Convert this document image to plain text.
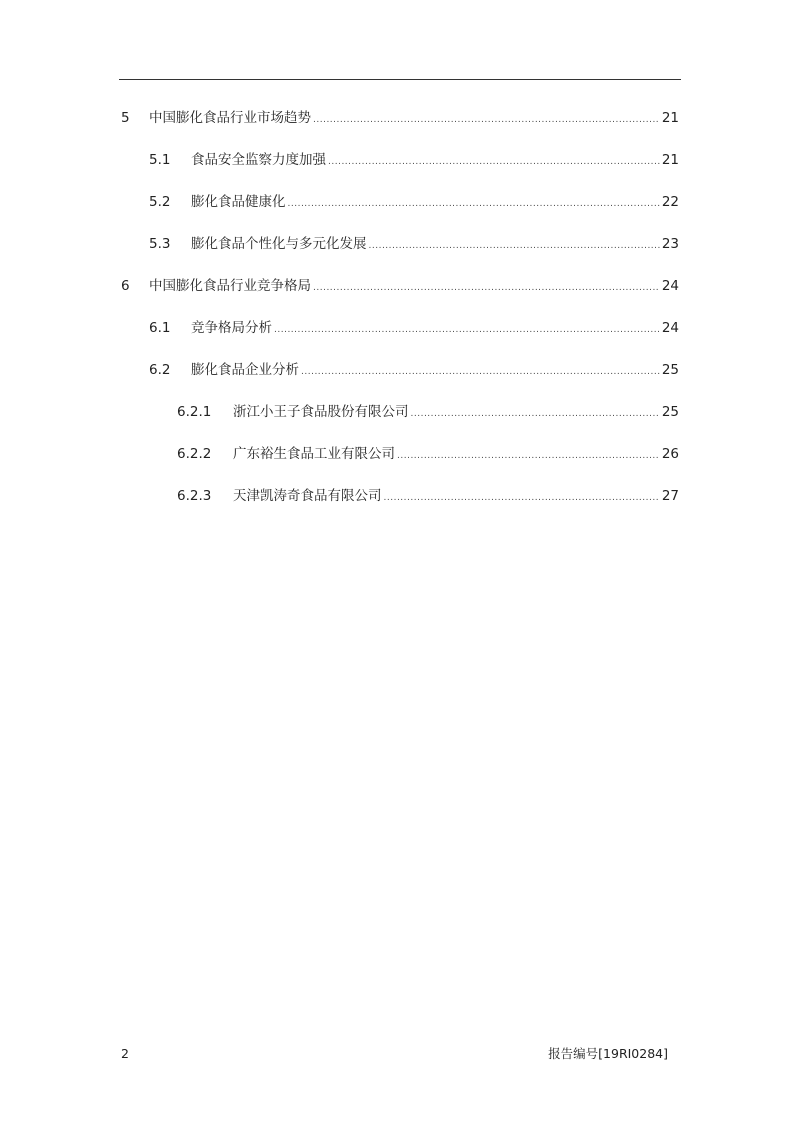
5	中国膨化食品行业市场趋势 .....	21
5.1	食品安全监察力度加强 .....	21
5.2	膨化食品健康化 .....	22
5.3	膨化食品个性化与多元化发展 .....	23
6	中国膨化食品行业竞争格局 .....	24
6.1	竞争格局分析 .....	24
6.2	膨化食品企业分析 .....	25
6.2.1	浙江小王子食品股份有限公司 .....	25
6.2.2	广东裕生食品工业有限公司 .....	26
6.2.3	天津凯涛奇食品有限公司 .....	27
2	报告编号[19RI0284]
